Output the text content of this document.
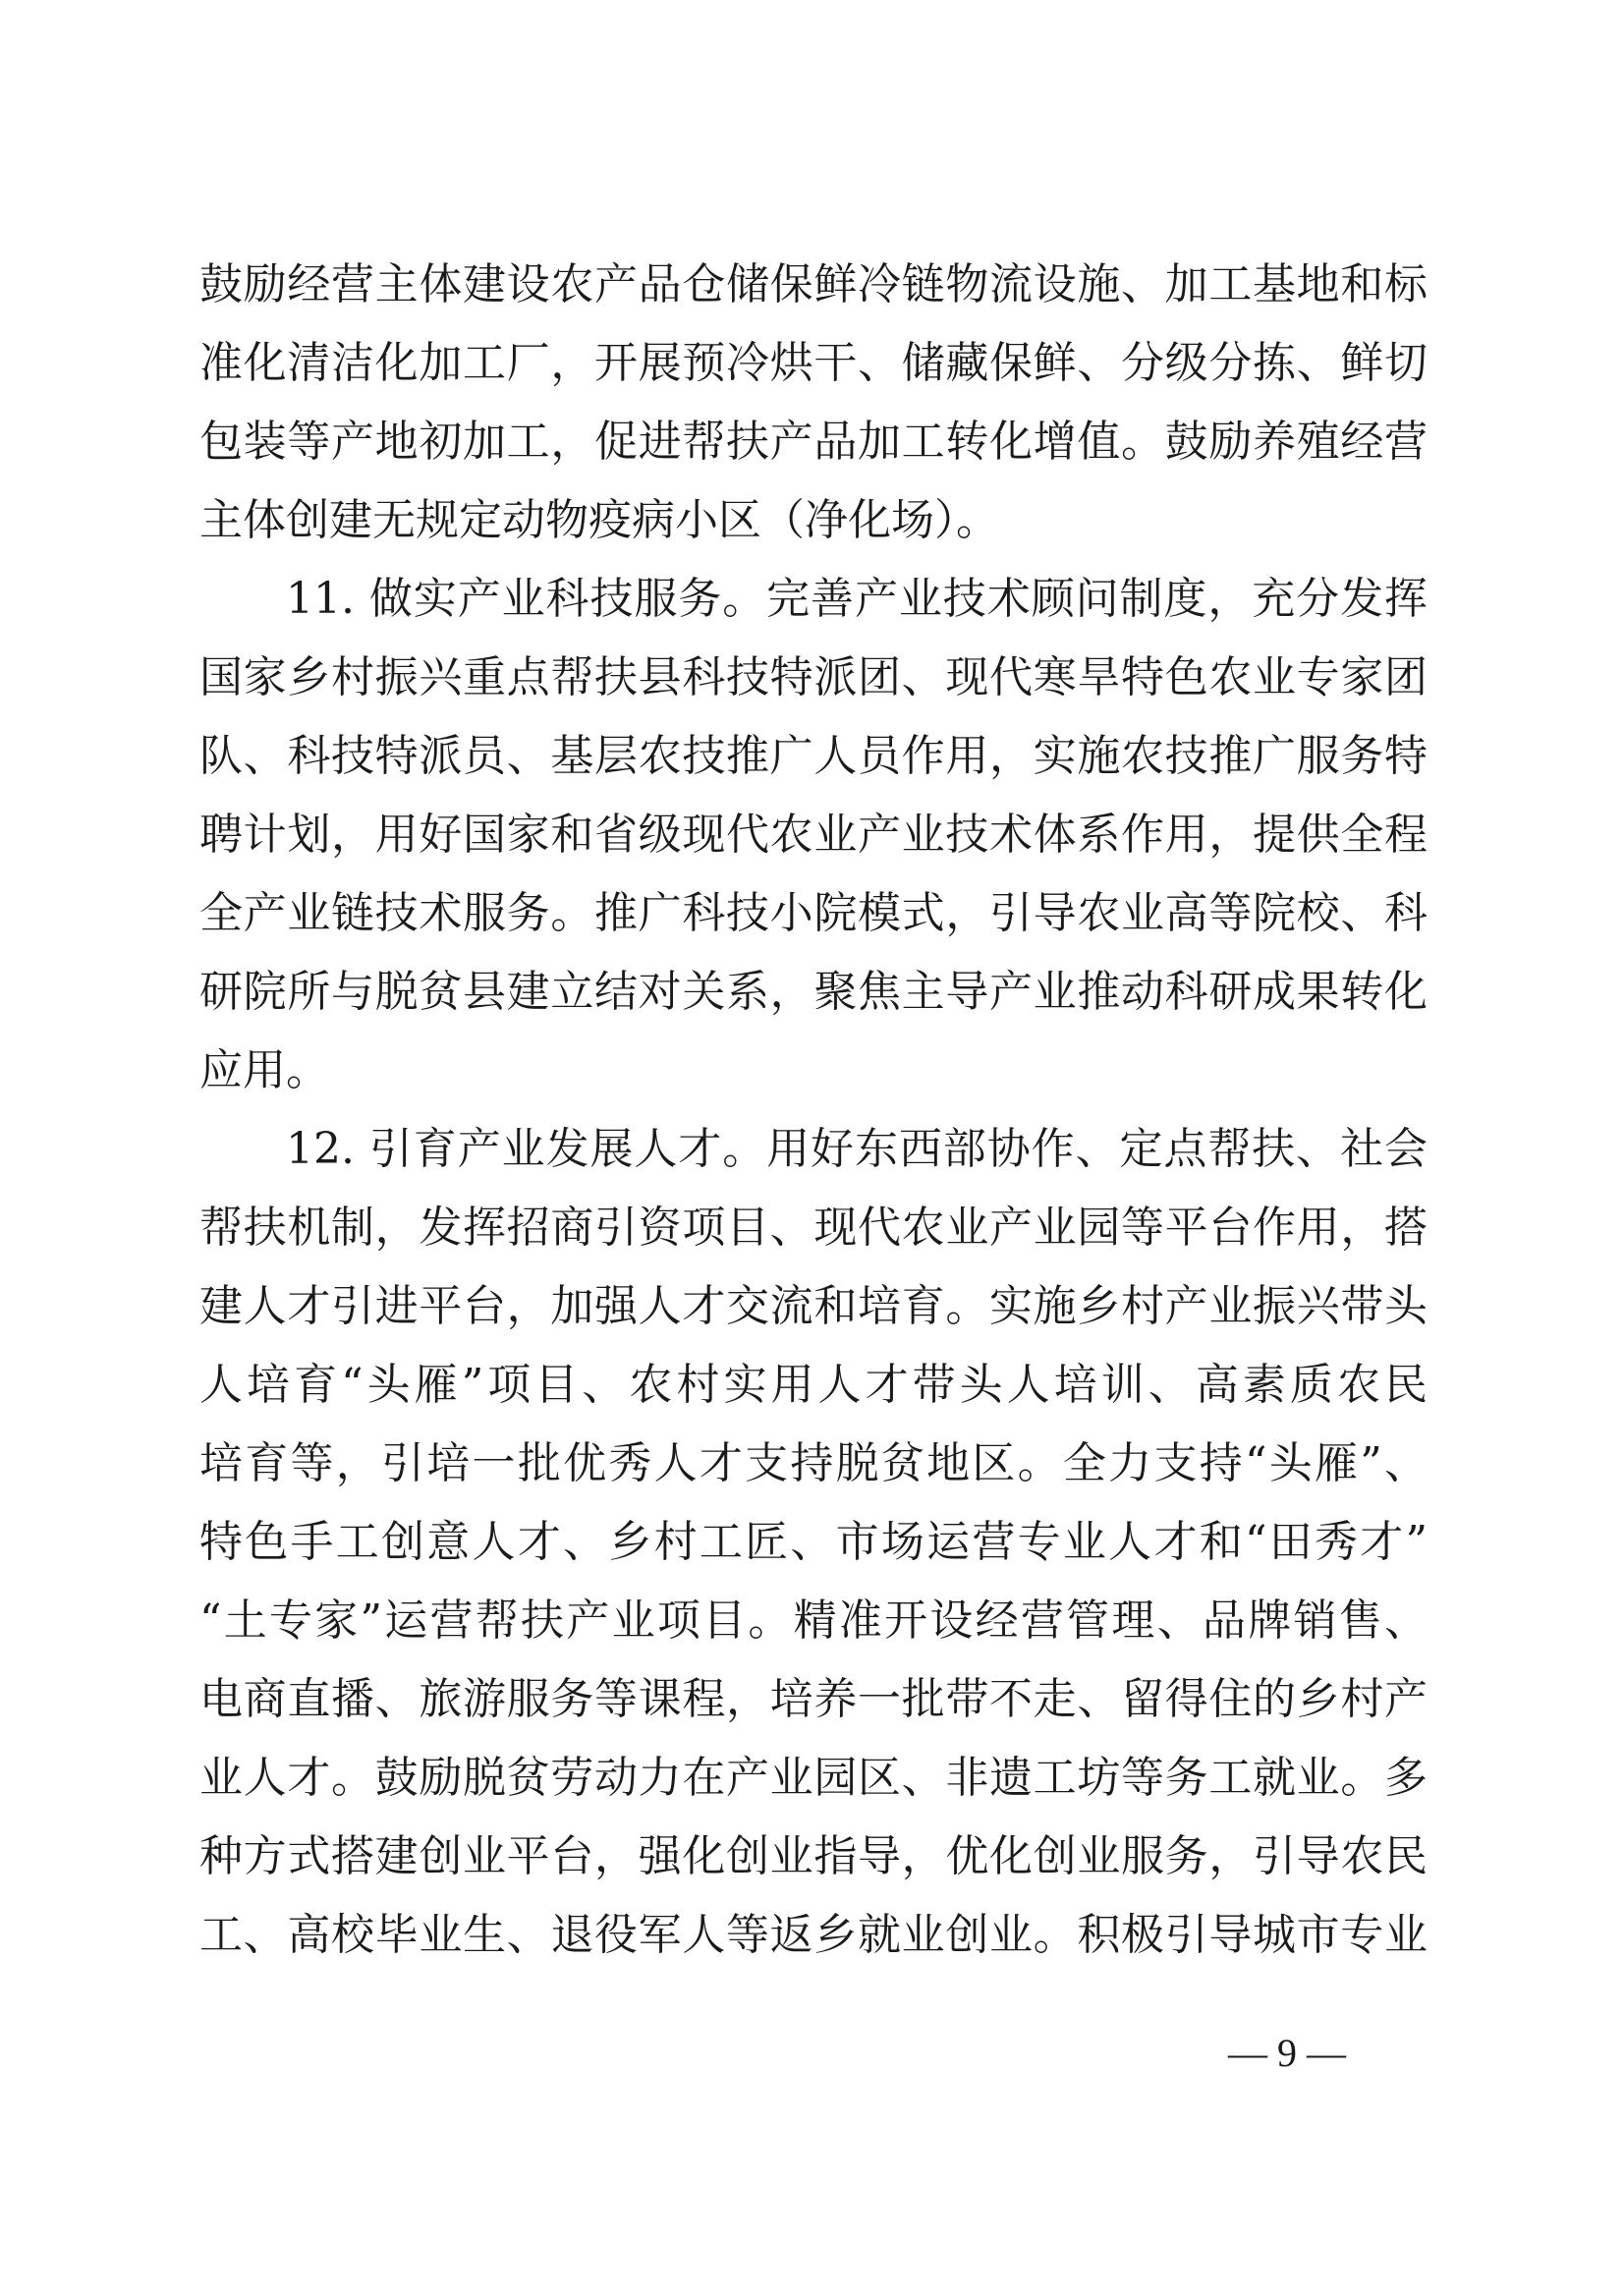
鼓励经营主体建设农产品仓储保鲜冷链物流设施、加工基地和标
准化清洁化加工厂，开展预冷烘干、储藏保鲜、分级分拣、鲜切
包装等产地初加工，促进帮扶产品加工转化增值。鼓励养殖经营
主体创建无规定动物疫病小区（净化场）。
11. 做实产业科技服务。完善产业技术顾问制度，充分发挥
国家乡村振兴重点帮扶县科技特派团、现代寒旱特色农业专家团
队、科技特派员、基层农技推广人员作用，实施农技推广服务特
聘计划，用好国家和省级现代农业产业技术体系作用，提供全程
全产业链技术服务。推广科技小院模式，引导农业高等院校、科
研院所与脱贫县建立结对关系，聚焦主导产业推动科研成果转化
应用。
12. 引育产业发展人才。用好东西部协作、定点帮扶、社会
帮扶机制，发挥招商引资项目、现代农业产业园等平台作用，搭
建人才引进平台，加强人才交流和培育。实施乡村产业振兴带头
人培育“头雁”项目、农村实用人才带头人培训、高素质农民
培育等，引培一批优秀人才支持脱贫地区。全力支持“头雁”、
特色手工创意人才、乡村工匠、市场运营专业人才和“田秀才”
“土专家”运营帮扶产业项目。精准开设经营管理、品牌销售、
电商直播、旅游服务等课程，培养一批带不走、留得住的乡村产
业人才。鼓励脱贫劳动力在产业园区、非遗工坊等务工就业。多
种方式搭建创业平台，强化创业指导，优化创业服务，引导农民
工、高校毕业生、退役军人等返乡就业创业。积极引导城市专业
— 9 —
